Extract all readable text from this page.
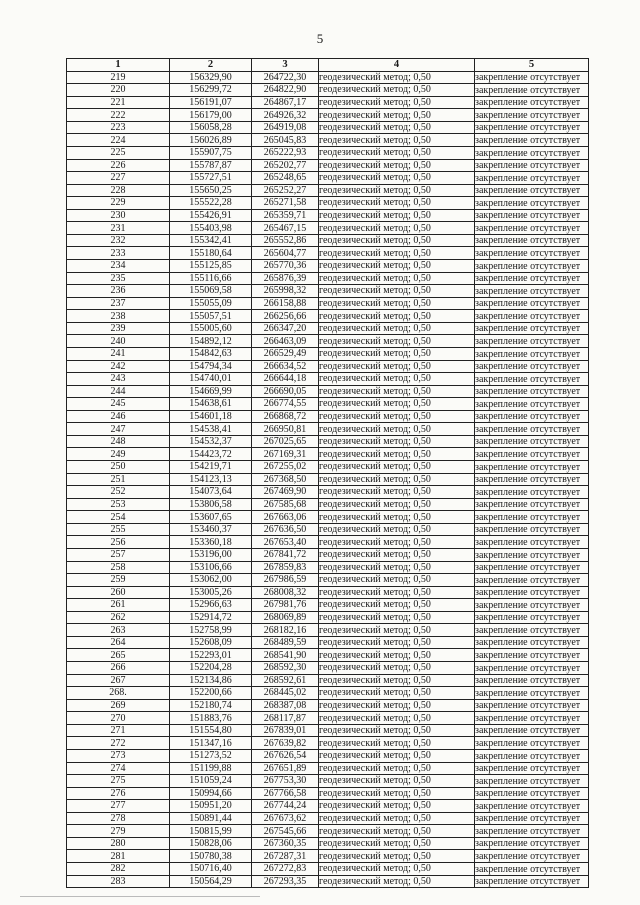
5
1	2	3	4	5
219	156329,90	264722,30	геодезический метод; 0,50	закрепление отсутствует
220	156299,72	264822,90	геодезический метод; 0,50	закрепление отсутствует
221	156191,07	264867,17	геодезический метод; 0,50	закрепление отсутствует
222	156179,00	264926,32	геодезический метод; 0,50	закрепление отсутствует
223	156058,28	264919,08	геодезический метод; 0,50	закрепление отсутствует
224	156026,89	265045,83	геодезический метод; 0,50	закрепление отсутствует
225	155907,75	265222,93	геодезический метод; 0,50	закрепление отсутствует
226	155787,87	265202,77	геодезический метод; 0,50	закрепление отсутствует
227	155727,51	265248,65	геодезический метод; 0,50	закрепление отсутствует
228	155650,25	265252,27	геодезический метод; 0,50	закрепление отсутствует
229	155522,28	265271,58	геодезический метод; 0,50	закрепление отсутствует
230	155426,91	265359,71	геодезический метод; 0,50	закрепление отсутствует
231	155403,98	265467,15	геодезический метод; 0,50	закрепление отсутствует
232	155342,41	265552,86	геодезический метод; 0,50	закрепление отсутствует
233	155180,64	265604,77	геодезический метод; 0,50	закрепление отсутствует
234	155125,85	265770,36	геодезический метод; 0,50	закрепление отсутствует
235	155116,66	265876,39	геодезический метод; 0,50	закрепление отсутствует
236	155069,58	265998,32	геодезический метод; 0,50	закрепление отсутствует
237	155055,09	266158,88	геодезический метод; 0,50	закрепление отсутствует
238	155057,51	266256,66	геодезический метод; 0,50	закрепление отсутствует
239	155005,60	266347,20	геодезический метод; 0,50	закрепление отсутствует
240	154892,12	266463,09	геодезический метод; 0,50	закрепление отсутствует
241	154842,63	266529,49	геодезический метод; 0,50	закрепление отсутствует
242	154794,34	266634,52	геодезический метод; 0,50	закрепление отсутствует
243	154740,01	266644,18	геодезический метод; 0,50	закрепление отсутствует
244	154669,99	266690,05	геодезический метод; 0,50	закрепление отсутствует
245	154638,61	266774,55	геодезический метод; 0,50	закрепление отсутствует
246	154601,18	266868,72	геодезический метод; 0,50	закрепление отсутствует
247	154538,41	266950,81	геодезический метод; 0,50	закрепление отсутствует
248	154532,37	267025,65	геодезический метод; 0,50	закрепление отсутствует
249	154423,72	267169,31	геодезический метод; 0,50	закрепление отсутствует
250	154219,71	267255,02	геодезический метод; 0,50	закрепление отсутствует
251	154123,13	267368,50	геодезический метод; 0,50	закрепление отсутствует
252	154073,64	267469,90	геодезический метод; 0,50	закрепление отсутствует
253	153806,58	267585,68	геодезический метод; 0,50	закрепление отсутствует
254	153607,65	267663,06	геодезический метод; 0,50	закрепление отсутствует
255	153460,37	267636,50	геодезический метод; 0,50	закрепление отсутствует
256	153360,18	267653,40	геодезический метод; 0,50	закрепление отсутствует
257	153196,00	267841,72	геодезический метод; 0,50	закрепление отсутствует
258	153106,66	267859,83	геодезический метод; 0,50	закрепление отсутствует
259	153062,00	267986,59	геодезический метод; 0,50	закрепление отсутствует
260	153005,26	268008,32	геодезический метод; 0,50	закрепление отсутствует
261	152966,63	267981,76	геодезический метод; 0,50	закрепление отсутствует
262	152914,72	268069,89	геодезический метод; 0,50	закрепление отсутствует
263	152758,99	268182,16	геодезический метод; 0,50	закрепление отсутствует
264	152608,09	268489,59	геодезический метод; 0,50	закрепление отсутствует
265	152293,01	268541,90	геодезический метод; 0,50	закрепление отсутствует
266	152204,28	268592,30	геодезический метод; 0,50	закрепление отсутствует
267	152134,86	268592,61	геодезический метод; 0,50	закрепление отсутствует
268.	152200,66	268445,02	геодезический метод; 0,50	закрепление отсутствует
269	152180,74	268387,08	геодезический метод; 0,50	закрепление отсутствует
270	151883,76	268117,87	геодезический метод; 0,50	закрепление отсутствует
271	151554,80	267839,01	геодезический метод; 0,50	закрепление отсутствует
272	151347,16	267639,82	геодезический метод; 0,50	закрепление отсутствует
273	151273,52	267626,54	геодезический метод; 0,50	закрепление отсутствует
274	151199,88	267651,89	геодезический метод; 0,50	закрепление отсутствует
275	151059,24	267753,30	геодезический метод; 0,50	закрепление отсутствует
276	150994,66	267766,58	геодезический метод; 0,50	закрепление отсутствует
277	150951,20	267744,24	геодезический метод; 0,50	закрепление отсутствует
278	150891,44	267673,62	геодезический метод; 0,50	закрепление отсутствует
279	150815,99	267545,66	геодезический метод; 0,50	закрепление отсутствует
280	150828,06	267360,35	геодезический метод; 0,50	закрепление отсутствует
281	150780,38	267287,31	геодезический метод; 0,50	закрепление отсутствует
282	150716,40	267272,83	геодезический метод; 0,50	закрепление отсутствует
283	150564,29	267293,35	геодезический метод; 0,50	закрепление отсутствует
